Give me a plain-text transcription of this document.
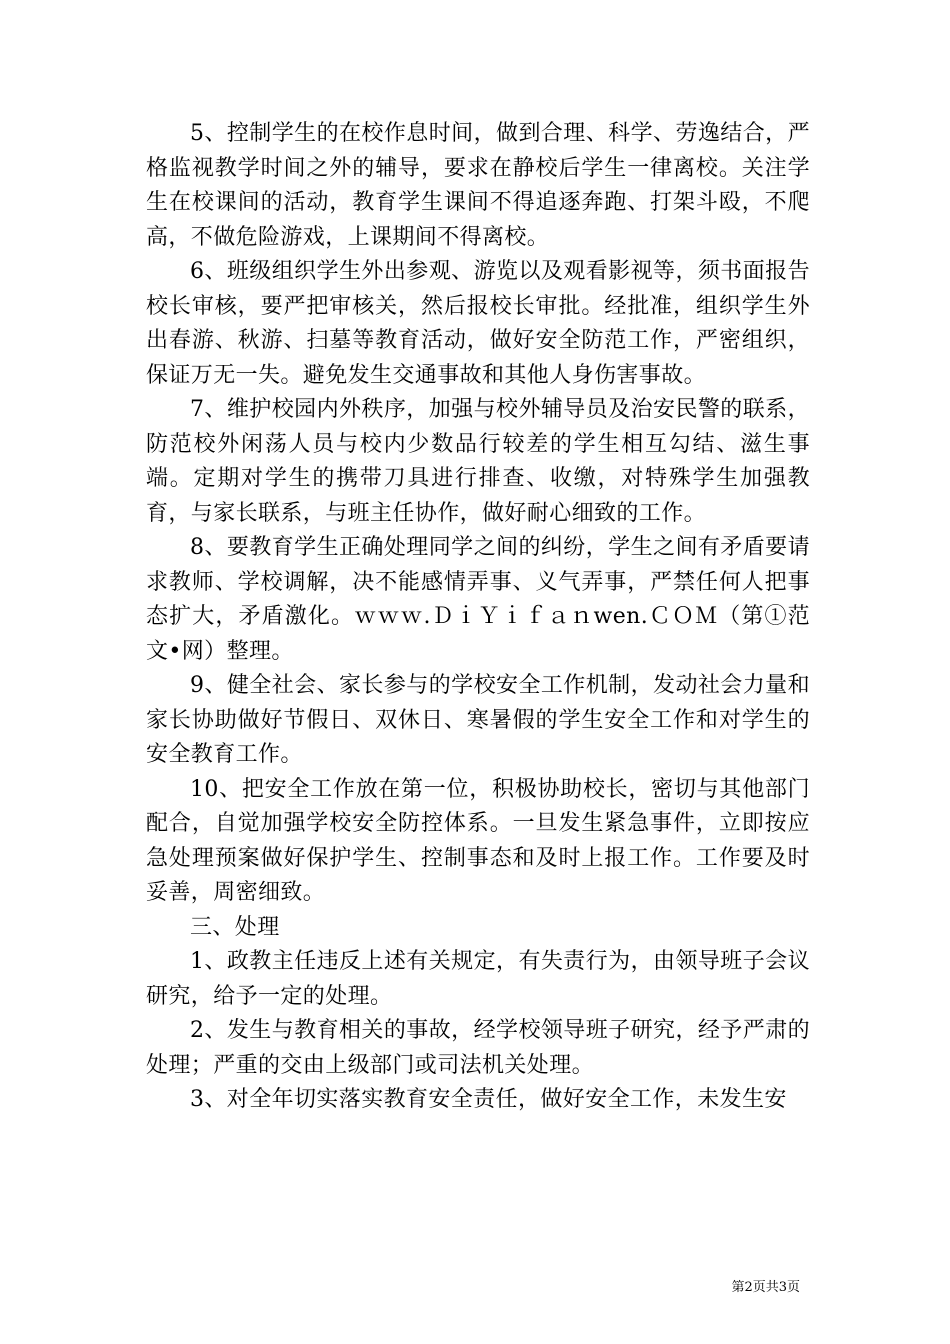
5、控制学生的在校作息时间，做到合理、科学、劳逸结合，严格监视教学时间之外的辅导，要求在静校后学生一律离校。关注学生在校课间的活动，教育学生课间不得追逐奔跑、打架斗殴，不爬高，不做危险游戏，上课期间不得离校。

6、班级组织学生外出参观、游览以及观看影视等，须书面报告校长审核，要严把审核关，然后报校长审批。经批准，组织学生外出春游、秋游、扫墓等教育活动，做好安全防范工作，严密组织，保证万无一失。避免发生交通事故和其他人身伤害事故。

7、维护校园内外秩序，加强与校外辅导员及治安民警的联系，防范校外闲荡人员与校内少数品行较差的学生相互勾结、滋生事端。定期对学生的携带刀具进行排查、收缴，对特殊学生加强教育，与家长联系，与班主任协作，做好耐心细致的工作。

8、要教育学生正确处理同学之间的纠纷，学生之间有矛盾要请求教师、学校调解，决不能感情弄事、义气弄事，严禁任何人把事态扩大，矛盾激化。ｗｗｗ.ＤｉＹｉｆａｎwen.ＣＯＭ（第①范文•网）整理。

9、健全社会、家长参与的学校安全工作机制，发动社会力量和家长协助做好节假日、双休日、寒暑假的学生安全工作和对学生的安全教育工作。

10、把安全工作放在第一位，积极协助校长，密切与其他部门配合，自觉加强学校安全防控体系。一旦发生紧急事件，立即按应急处理预案做好保护学生、控制事态和及时上报工作。工作要及时妥善，周密细致。

三、处理

1、政教主任违反上述有关规定，有失责行为，由领导班子会议研究，给予一定的处理。

2、发生与教育相关的事故，经学校领导班子研究，经予严肃的处理；严重的交由上级部门或司法机关处理。

3、对全年切实落实教育安全责任，做好安全工作，未发生安

第2页共3页
